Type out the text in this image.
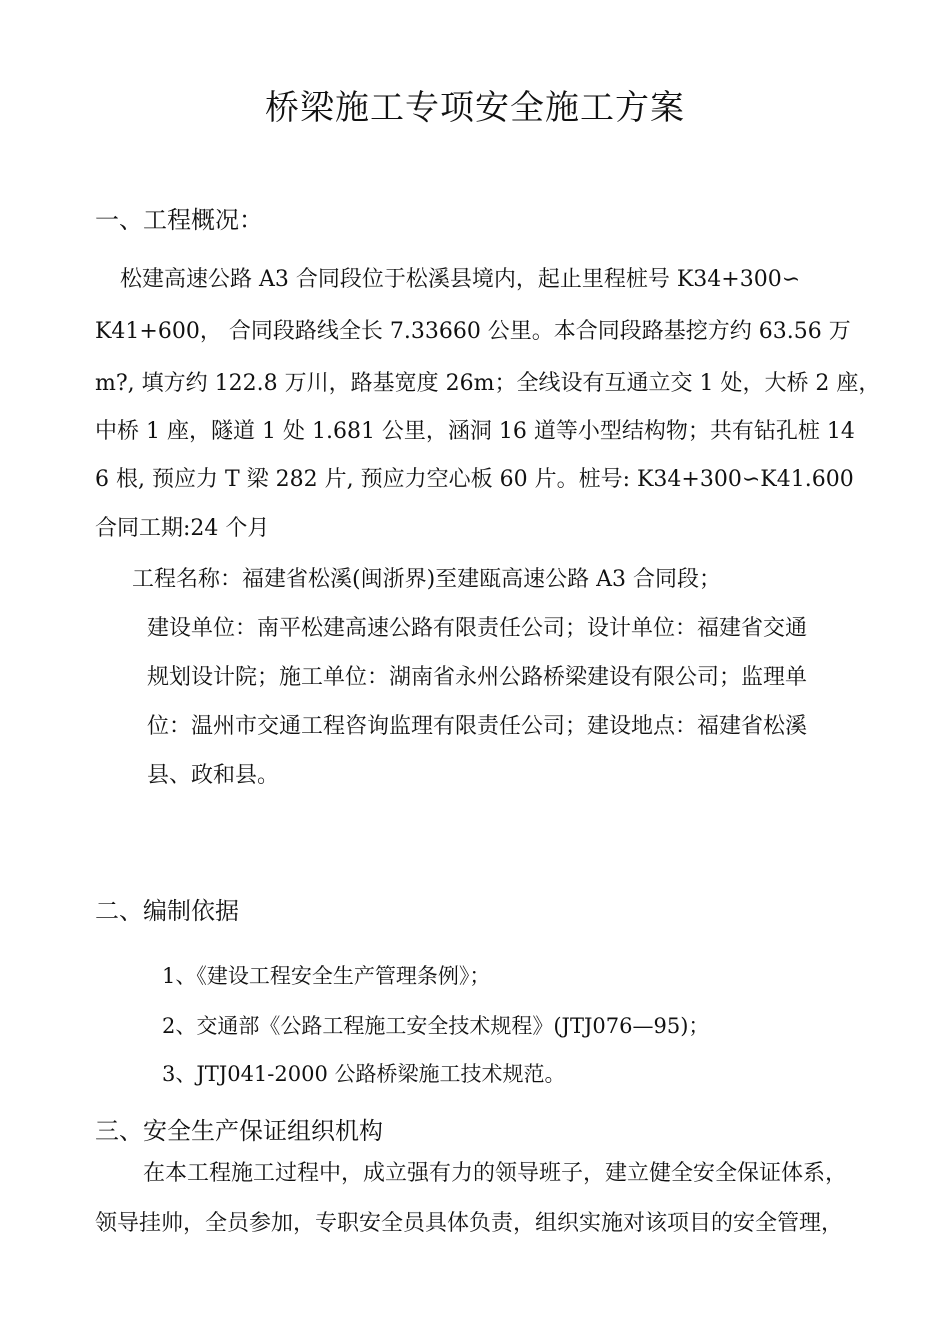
桥梁施工专项安全施工方案
一、工程概况：
松建高速公路 A3 合同段位于松溪县境内，起止里程桩号 K34+300∽
K41+600， 合同段路线全长 7.33660 公里。本合同段路基挖方约 63.56 万
m?, 填方约 122.8 万川，路基宽度 26m；全线设有互通立交 1 处，大桥 2 座，
中桥 1 座，隧道 1 处 1.681 公里，涵洞 16 道等小型结构物；共有钻孔桩 14
6 根, 预应力 T 梁 282 片, 预应力空心板 60 片。桩号: K34+300∽K41.600
合同工期:24 个月
工程名称：福建省松溪(闽浙界)至建瓯高速公路 A3 合同段；
建设单位：南平松建高速公路有限责任公司；设计单位：福建省交通
规划设计院；施工单位：湖南省永州公路桥梁建设有限公司；监理单
位：温州市交通工程咨询监理有限责任公司；建设地点：福建省松溪
县、政和县。
二、编制依据
1、《建设工程安全生产管理条例》；
2、交通部《公路工程施工安全技术规程》(JTJ076—95)；
3、JTJ041-2000 公路桥梁施工技术规范。
三、安全生产保证组织机构
在本工程施工过程中，成立强有力的领导班子，建立健全安全保证体系，
领导挂帅，全员参加，专职安全员具体负责，组织实施对该项目的安全管理，
